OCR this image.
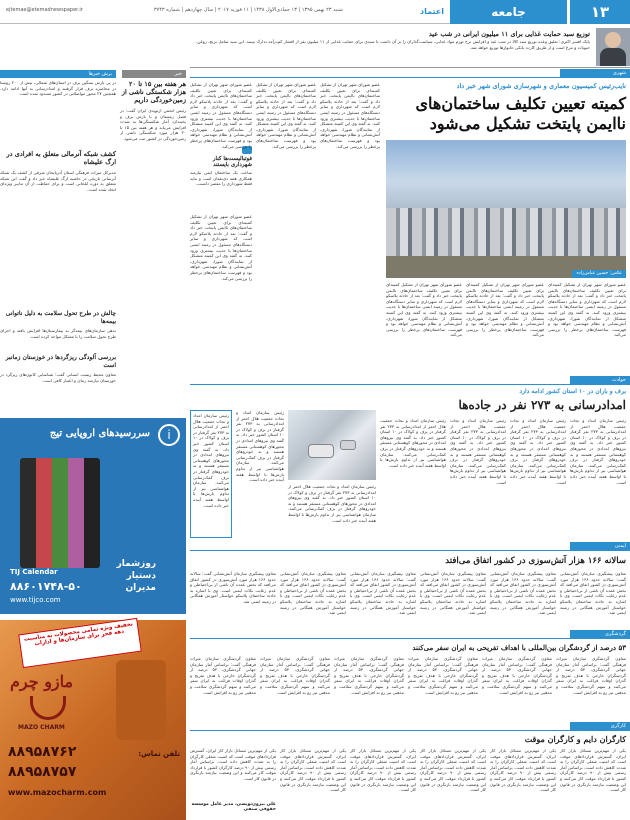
۱۳
جامعه
اعتماد
شنبه ۲۳ بهمن ۱۳۹۵ | ۱۳ جمادی‌الاول ۱۴۳۸ | ۱۱ فوریه ۲۰۱۷ | سال چهاردهم | شماره ۳۷۴۳
ejtemae@etemadnewspaper.ir
توزیع سبد حمایت غذایی برای ۱۱ میلیون ایرانی در شب عید
بابک افسر اکبری: تعلیق وعده توزیع سبد کالا در شب عید و افزایش نرخ تورم مواد غذایی، سیاست‌گذاران را بر آن داشت تا سبدی برای حمایت غذایی از ۱۱ میلیون نفر از اقشار کم‌درآمد تدارک ببینند. این سبد شامل برنج، روغن، حبوبات و مرغ است و از طریق کارت بانکی خانوارها توزیع خواهد شد.
شهری
نایب‌رئیس کمیسیون معماری و شهرسازی شورای شهر خبر داد
کمیته تعیین تکلیف ساختمان‌های ناایمن پایتخت تشکیل می‌شود
عکس: حسین عباس‌زاده
عضو شورای شهر تهران از تشکیل کمیته‌ای برای تعیین تکلیف ساختمان‌های ناایمن پایتخت خبر داد و گفت: بعد از حادثه پلاسکو لازم است که شهرداری و سایر دستگاه‌های مسئول در زمینه ایمنی ساختمان‌ها با جدیت بیشتری ورود کنند. به گفته وی این کمیته متشکل از نمایندگان شورا، شهرداری، آتش‌نشانی و نظام مهندسی خواهد بود و فهرست ساختمان‌های پرخطر را بررسی می‌کند.
عضو شورای شهر تهران از تشکیل کمیته‌ای برای تعیین تکلیف ساختمان‌های ناایمن پایتخت خبر داد و گفت: بعد از حادثه پلاسکو لازم است که شهرداری و سایر دستگاه‌های مسئول در زمینه ایمنی ساختمان‌ها با جدیت بیشتری ورود کنند. به گفته وی این کمیته متشکل از نمایندگان شورا، شهرداری، آتش‌نشانی و نظام مهندسی خواهد بود و فهرست ساختمان‌های پرخطر را بررسی می‌کند.
عضو شورای شهر تهران از تشکیل کمیته‌ای برای تعیین تکلیف ساختمان‌های ناایمن پایتخت خبر داد و گفت: بعد از حادثه پلاسکو لازم است که شهرداری و سایر دستگاه‌های مسئول در زمینه ایمنی ساختمان‌ها با جدیت بیشتری ورود کنند. به گفته وی این کمیته متشکل از نمایندگان شورا، شهرداری، آتش‌نشانی و نظام مهندسی خواهد بود و فهرست ساختمان‌های پرخطر را بررسی می‌کند.
عضو شورای شهر تهران از تشکیل کمیته‌ای برای تعیین تکلیف ساختمان‌های ناایمن پایتخت خبر داد و گفت: بعد از حادثه پلاسکو لازم است که شهرداری و سایر دستگاه‌های مسئول در زمینه ایمنی ساختمان‌ها با جدیت بیشتری ورود کنند. به گفته وی این کمیته متشکل از نمایندگان شورا، شهرداری، آتش‌نشانی و نظام مهندسی خواهد بود و فهرست ساختمان‌های پرخطر را بررسی می‌کند.
عضو شورای شهر تهران از تشکیل کمیته‌ای برای تعیین تکلیف ساختمان‌های ناایمن پایتخت خبر داد و گفت: بعد از حادثه پلاسکو لازم است که شهرداری و سایر دستگاه‌های مسئول در زمینه ایمنی ساختمان‌ها با جدیت بیشتری ورود کنند. به گفته وی این کمیته متشکل از نمایندگان شورا، شهرداری، آتش‌نشانی و نظام مهندسی خواهد بود و فهرست ساختمان‌های پرخطر را بررسی می‌کند.
عضو شورای شهر تهران از تشکیل کمیته‌ای برای تعیین تکلیف ساختمان‌های ناایمن پایتخت خبر داد و گفت: بعد از حادثه پلاسکو لازم است که شهرداری و سایر دستگاه‌های مسئول در زمینه ایمنی ساختمان‌ها با جدیت بیشتری ورود کنند. به گفته وی این کمیته متشکل از نمایندگان شورا، شهرداری، آتش‌نشانی و نظام مهندسی خواهد بود و فهرست ساختمان‌های پرخطر را بررسی می‌کند.
فوتبالیست‌ها کنار شهرداری بایستند
ساخت یک ساختمان ایمن نیازمند همکاری همه ذی‌نفعان است و نباید فقط شهرداری را مقصر دانست.
عضو شورای شهر تهران از تشکیل کمیته‌ای برای تعیین تکلیف ساختمان‌های ناایمن پایتخت خبر داد و گفت: بعد از حادثه پلاسکو لازم است که شهرداری و سایر دستگاه‌های مسئول در زمینه ایمنی ساختمان‌ها با جدیت بیشتری ورود کنند. به گفته وی این کمیته متشکل از نمایندگان شورا، شهرداری، آتش‌نشانی و نظام مهندسی خواهد بود و فهرست ساختمان‌های پرخطر را بررسی می‌کند.
حوادث
برف و باران در ۱۰ استان کشور ادامه دارد
امدادرسانی به ۲۷۳ نفر در جاده‌ها
رئیس سازمان امداد و نجات جمعیت هلال احمر از امدادرسانی به ۲۷۳ نفر گرفتار در برف و کولاک در ۱۰ استان کشور خبر داد. به گفته وی نیروهای امدادی در محورهای کوهستانی مستقر هستند و به خودروهای گرفتار در برف کمک‌رسانی می‌کنند. سازمان هواشناسی نیز از تداوم بارش‌ها تا اواسط هفته آینده خبر داده است.
رئیس سازمان امداد و نجات جمعیت هلال احمر از امدادرسانی به ۲۷۳ نفر گرفتار در برف و کولاک در ۱۰ استان کشور خبر داد. به گفته وی نیروهای امدادی در محورهای کوهستانی مستقر هستند و به خودروهای گرفتار در برف کمک‌رسانی می‌کنند. سازمان هواشناسی نیز از تداوم بارش‌ها تا اواسط هفته آینده خبر داده است.
رئیس سازمان امداد و نجات جمعیت هلال احمر از امدادرسانی به ۲۷۳ نفر گرفتار در برف و کولاک در ۱۰ استان کشور خبر داد. به گفته وی نیروهای امدادی در محورهای کوهستانی مستقر هستند و به خودروهای گرفتار در برف کمک‌رسانی می‌کنند. سازمان هواشناسی نیز از تداوم بارش‌ها تا اواسط هفته آینده خبر داده است.
رئیس سازمان امداد و نجات جمعیت هلال احمر از امدادرسانی به ۲۷۳ نفر گرفتار در برف و کولاک در ۱۰ استان کشور خبر داد. به گفته وی نیروهای امدادی در محورهای کوهستانی مستقر هستند و به خودروهای گرفتار در برف کمک‌رسانی می‌کنند. سازمان هواشناسی نیز از تداوم بارش‌ها تا اواسط هفته آینده خبر داده است.
رئیس سازمان امداد و نجات جمعیت هلال احمر از امدادرسانی به ۲۷۳ نفر گرفتار در برف و کولاک در ۱۰ استان کشور خبر داد. به گفته وی نیروهای امدادی در محورهای کوهستانی مستقر هستند و به خودروهای گرفتار در برف کمک‌رسانی می‌کنند. سازمان هواشناسی نیز از تداوم بارش‌ها تا اواسط هفته آینده خبر داده است.
رئیس سازمان امداد و نجات جمعیت هلال احمر از امدادرسانی به ۲۷۳ نفر گرفتار در برف و کولاک در ۱۰ استان کشور خبر داد. به گفته وی نیروهای امدادی در محورهای کوهستانی مستقر هستند و به خودروهای گرفتار در برف کمک‌رسانی می‌کنند. سازمان هواشناسی نیز از تداوم بارش‌ها تا اواسط هفته آینده خبر داده است.
رئیس سازمان امداد و نجات جمعیت هلال احمر از امدادرسانی به ۲۷۳ نفر گرفتار در برف و کولاک در ۱۰ استان کشور خبر داد. به گفته وی نیروهای امدادی در محورهای کوهستانی مستقر هستند و به خودروهای گرفتار در برف کمک‌رسانی می‌کنند. سازمان هواشناسی نیز از تداوم بارش‌ها تا اواسط هفته آینده خبر داده است.
ایمنی
سالانه ۱۶۶ هزار آتش‌سوزی در کشور اتفاق می‌افتد
معاون پیشگیری سازمان آتش‌نشانی گفت: سالانه حدود ۱۶۶ هزار مورد آتش‌سوزی در کشور اتفاق می‌افتد که بخش عمده آن ناشی از بی‌احتیاطی و عدم رعایت نکات ایمنی است. وی با اشاره به حادثه ساختمان پلاسکو خواستار آموزش همگانی در زمینه ایمنی شد.
معاون پیشگیری سازمان آتش‌نشانی گفت: سالانه حدود ۱۶۶ هزار مورد آتش‌سوزی در کشور اتفاق می‌افتد که بخش عمده آن ناشی از بی‌احتیاطی و عدم رعایت نکات ایمنی است. وی با اشاره به حادثه ساختمان پلاسکو خواستار آموزش همگانی در زمینه ایمنی شد.
معاون پیشگیری سازمان آتش‌نشانی گفت: سالانه حدود ۱۶۶ هزار مورد آتش‌سوزی در کشور اتفاق می‌افتد که بخش عمده آن ناشی از بی‌احتیاطی و عدم رعایت نکات ایمنی است. وی با اشاره به حادثه ساختمان پلاسکو خواستار آموزش همگانی در زمینه ایمنی شد.
معاون پیشگیری سازمان آتش‌نشانی گفت: سالانه حدود ۱۶۶ هزار مورد آتش‌سوزی در کشور اتفاق می‌افتد که بخش عمده آن ناشی از بی‌احتیاطی و عدم رعایت نکات ایمنی است. وی با اشاره به حادثه ساختمان پلاسکو خواستار آموزش همگانی در زمینه ایمنی شد.
معاون پیشگیری سازمان آتش‌نشانی گفت: سالانه حدود ۱۶۶ هزار مورد آتش‌سوزی در کشور اتفاق می‌افتد که بخش عمده آن ناشی از بی‌احتیاطی و عدم رعایت نکات ایمنی است. وی با اشاره به حادثه ساختمان پلاسکو خواستار آموزش همگانی در زمینه ایمنی شد.
معاون پیشگیری سازمان آتش‌نشانی گفت: سالانه حدود ۱۶۶ هزار مورد آتش‌سوزی در کشور اتفاق می‌افتد که بخش عمده آن ناشی از بی‌احتیاطی و عدم رعایت نکات ایمنی است. وی با اشاره به حادثه ساختمان پلاسکو خواستار آموزش همگانی در زمینه ایمنی شد.
گردشگری
۵۳ درصد از گردشگران بین‌المللی با اهداف تفریحی به ایران سفر می‌کنند
معاون گردشگری سازمان میراث فرهنگی گفت: براساس آمار سازمان جهانی گردشگری، ۵۳ درصد از گردشگران خارجی با هدف تفریح و گذران اوقات فراغت به ایران سفر می‌کنند و سهم گردشگری سلامت و مذهبی نیز رو به افزایش است.
معاون گردشگری سازمان میراث فرهنگی گفت: براساس آمار سازمان جهانی گردشگری، ۵۳ درصد از گردشگران خارجی با هدف تفریح و گذران اوقات فراغت به ایران سفر می‌کنند و سهم گردشگری سلامت و مذهبی نیز رو به افزایش است.
معاون گردشگری سازمان میراث فرهنگی گفت: براساس آمار سازمان جهانی گردشگری، ۵۳ درصد از گردشگران خارجی با هدف تفریح و گذران اوقات فراغت به ایران سفر می‌کنند و سهم گردشگری سلامت و مذهبی نیز رو به افزایش است.
معاون گردشگری سازمان میراث فرهنگی گفت: براساس آمار سازمان جهانی گردشگری، ۵۳ درصد از گردشگران خارجی با هدف تفریح و گذران اوقات فراغت به ایران سفر می‌کنند و سهم گردشگری سلامت و مذهبی نیز رو به افزایش است.
معاون گردشگری سازمان میراث فرهنگی گفت: براساس آمار سازمان جهانی گردشگری، ۵۳ درصد از گردشگران خارجی با هدف تفریح و گذران اوقات فراغت به ایران سفر می‌کنند و سهم گردشگری سلامت و مذهبی نیز رو به افزایش است.
معاون گردشگری سازمان میراث فرهنگی گفت: براساس آمار سازمان جهانی گردشگری، ۵۳ درصد از گردشگران خارجی با هدف تفریح و گذران اوقات فراغت به ایران سفر می‌کنند و سهم گردشگری سلامت و مذهبی نیز رو به افزایش است.
کارگری
کارگران دایم و کارگران موقت
یکی از مهم‌ترین مسائل بازار کار ایران، گسترش قراردادهای موقت است که امنیت شغلی کارگران را به شدت کاهش داده است. براساس آمار رسمی بیش از ۹۰ درصد کارگران کشور با قرارداد موقت کار می‌کنند و این وضعیت نیازمند بازنگری در قانون کار است.
یکی از مهم‌ترین مسائل بازار کار ایران، گسترش قراردادهای موقت است که امنیت شغلی کارگران را به شدت کاهش داده است. براساس آمار رسمی بیش از ۹۰ درصد کارگران کشور با قرارداد موقت کار می‌کنند و این وضعیت نیازمند بازنگری در قانون کار است.
یکی از مهم‌ترین مسائل بازار کار ایران، گسترش قراردادهای موقت است که امنیت شغلی کارگران را به شدت کاهش داده است. براساس آمار رسمی بیش از ۹۰ درصد کارگران کشور با قرارداد موقت کار می‌کنند و این وضعیت نیازمند بازنگری در قانون کار است.
یکی از مهم‌ترین مسائل بازار کار ایران، گسترش قراردادهای موقت است که امنیت شغلی کارگران را به شدت کاهش داده است. براساس آمار رسمی بیش از ۹۰ درصد کارگران کشور با قرارداد موقت کار می‌کنند و این وضعیت نیازمند بازنگری در قانون کار است.
یکی از مهم‌ترین مسائل بازار کار ایران، گسترش قراردادهای موقت است که امنیت شغلی کارگران را به شدت کاهش داده است. براساس آمار رسمی بیش از ۹۰ درصد کارگران کشور با قرارداد موقت کار می‌کنند و این وضعیت نیازمند بازنگری در قانون کار است.
یکی از مهم‌ترین مسائل بازار کار ایران، گسترش قراردادهای موقت است که امنیت شغلی کارگران را به شدت کاهش داده است. براساس آمار رسمی بیش از ۹۰ درصد کارگران کشور با قرارداد موقت کار می‌کنند و این وضعیت نیازمند بازنگری در قانون کار است.
علی بیرون‌نویسی، مدیر عامل موسسه حقوقی صنفی
خبر
برش خبرها
در پی بارش سنگین برف در استان‌های شمالی، بیش از ۲۰۰ روستا در محاصره برف قرار گرفتند و امدادرسانی به آنها ادامه دارد. همچنین ۲۷ محور مواصلاتی در کشور مسدود شده است.
هر هفته بین ۱۵ تا ۲۰ هزار شکستگی ناشی از زمین‌خوردگی داریم
رئیس انجمن ارتوپدی ایران گفت: در فصل زمستان و با بارش برف و یخبندان، آمار شکستگی‌ها به شدت افزایش می‌یابد و هر هفته بین ۱۵ تا ۲۰ هزار مورد شکستگی ناشی از زمین‌خوردگی در کشور ثبت می‌شود.
کشف شبکه آنرمالی متعلق به افرادی در ارگ علیشاه
مدیرکل میراث فرهنگی استان آذربایجان شرقی از کشف یک شبکه آبرسانی تاریخی در حاشیه ارگ علیشاه خبر داد و گفت این شبکه متعلق به دوره ایلخانی است و برای حفاظت از آن تدابیر ویژه‌ای اتخاذ شده است.
چالش در طرح تحول سلامت به دلیل ناتوانی بیمه‌ها
بدهی سازمان‌های بیمه‌گر به بیمارستان‌ها افزایش یافته و اجرای طرح تحول سلامت را با مشکل مواجه کرده است.
بررسی آلودگی ریزگردها در خوزستان زمانبر است
معاون محیط زیست انسانی گفت: شناسایی کانون‌های ریزگرد در خوزستان نیازمند زمان و اعتبار کافی است.
سررسیدهای اروپایی تیج	i
TIJ Calendar
۸۸۶۰۱۷۴۸-۵۰
www.tijco.com
روزشمار
دستیار
مدیران
تخفیف ویژه تمامی محصولات به مناسبت دهه فجر برای سازمان‌ها و ادارات
مازو چرم
MAZO CHARM
تلفن تماس:
۸۸۹۵۸۷۶۲
۸۸۹۵۸۷۵۷
www.mazocharm.com
